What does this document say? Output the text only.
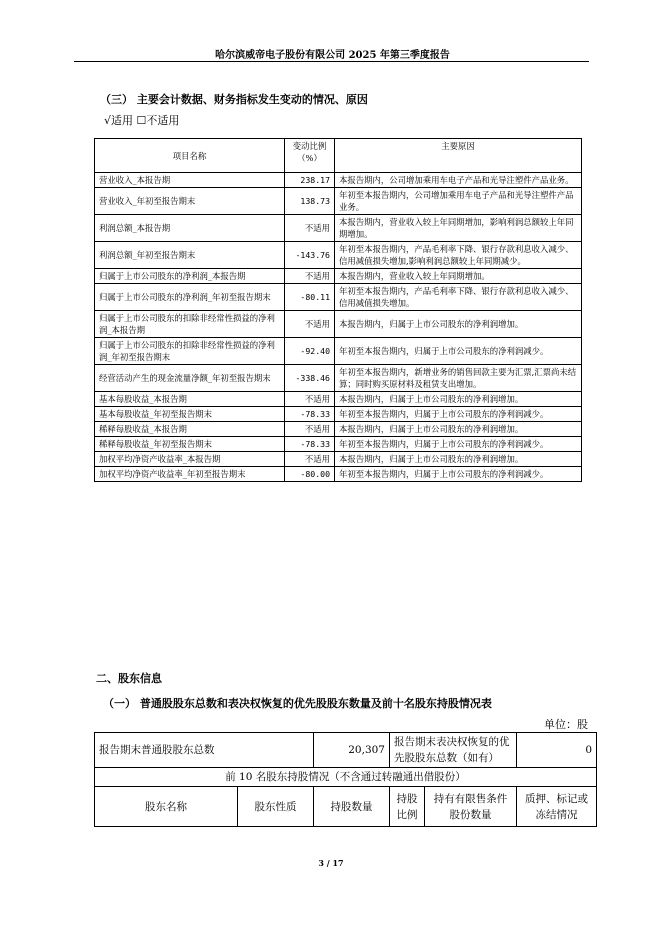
哈尔滨威帝电子股份有限公司 2025 年第三季度报告
（三） 主要会计数据、财务指标发生变动的情况、原因
√适用 ☐不适用
项目名称	变动比例（%）	主要原因
营业收入_本报告期	238.17	本报告期内，公司增加乘用车电子产品和光导注塑件产品业务。
营业收入_年初至报告期末	138.73	年初至本报告期内，公司增加乘用车电子产品和光导注塑件产品业务。
利润总额_本报告期	不适用	本报告期内，营业收入较上年同期增加，影响利润总额较上年同期增加。
利润总额_年初至报告期末	-143.76	年初至本报告期内，产品毛利率下降、银行存款利息收入减少、信用减值损失增加,影响利润总额较上年同期减少。
归属于上市公司股东的净利润_本报告期	不适用	本报告期内，营业收入较上年同期增加。
归属于上市公司股东的净利润_年初至报告期末	-80.11	年初至本报告期内，产品毛利率下降、银行存款利息收入减少、信用减值损失增加。
归属于上市公司股东的扣除非经常性损益的净利润_本报告期	不适用	本报告期内，归属于上市公司股东的净利润增加。
归属于上市公司股东的扣除非经常性损益的净利润_年初至报告期末	-92.40	年初至本报告期内，归属于上市公司股东的净利润减少。
经营活动产生的现金流量净额_年初至报告期末	-338.46	年初至本报告期内，新增业务的销售回款主要为汇票,汇票尚未结算；同时购买原材料及租赁支出增加。
基本每股收益_本报告期	不适用	本报告期内，归属于上市公司股东的净利润增加。
基本每股收益_年初至报告期末	-78.33	年初至本报告期内，归属于上市公司股东的净利润减少。
稀释每股收益_本报告期	不适用	本报告期内，归属于上市公司股东的净利润增加。
稀释每股收益_年初至报告期末	-78.33	年初至本报告期内，归属于上市公司股东的净利润减少。
加权平均净资产收益率_本报告期	不适用	本报告期内，归属于上市公司股东的净利润增加。
加权平均净资产收益率_年初至报告期末	-80.00	年初至本报告期内，归属于上市公司股东的净利润减少。
二、股东信息
（一） 普通股股东总数和表决权恢复的优先股股东数量及前十名股东持股情况表
单位：股
报告期末普通股股东总数		20,307	报告期末表决权恢复的优先股股东总数（如有）		0
前 10 名股东持股情况（不含通过转融通出借股份）					
股东名称	股东性质	持股数量	持股比例	持有有限售条件股份数量	质押、标记或冻结情况
3 / 17
